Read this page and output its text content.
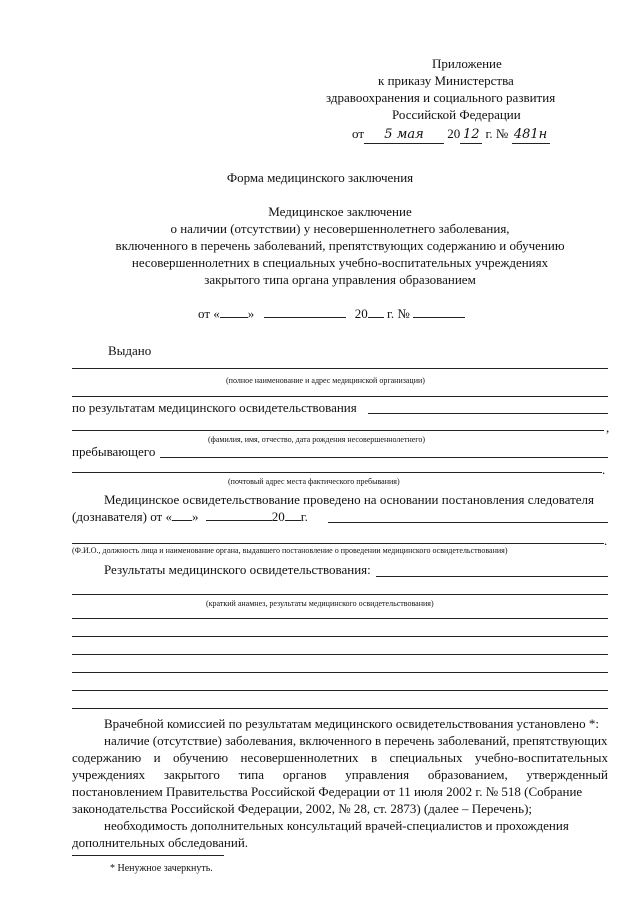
Приложение
к приказу Министерства
здравоохранения и социального развития
Российской Федерации
от 5 мая 20 12 г. № 481н
Форма медицинского заключения
Медицинское заключение
о наличии (отсутствии) у несовершеннолетнего заболевания,
включенного в перечень заболеваний, препятствующих содержанию и обучению
несовершеннолетних в специальных учебно-воспитательных учреждениях
закрытого типа органа управления образованием
от « »	20 г. №
Выдано
(полное наименование и адрес медицинской организации)
по результатам медицинского освидетельствования
,
(фамилия, имя, отчество, дата рождения несовершеннолетнего)
пребывающего
.
(почтовый адрес места фактического пребывания)
Медицинское освидетельствование проведено на основании постановления следователя
(дознавателя) от « »	20 г.
.
(Ф.И.О., должность лица и наименование органа, выдавшего постановление о проведении медицинского освидетельствования)
Результаты медицинского освидетельствования:
(краткий анамнез, результаты медицинского освидетельствования)
Врачебной комиссией по результатам медицинского освидетельствования установлено *:
наличие (отсутствие) заболевания, включенного в перечень заболеваний, препятствующих
содержанию и обучению несовершеннолетних в специальных учебно-воспитательных
учреждениях закрытого типа органов управления образованием, утвержденный
постановлением Правительства Российской Федерации от 11 июля 2002 г. № 518 (Собрание
законодательства Российской Федерации, 2002, № 28, ст. 2873) (далее – Перечень);
необходимость дополнительных консультаций врачей-специалистов и прохождения
дополнительных обследований.
* Ненужное зачеркнуть.
